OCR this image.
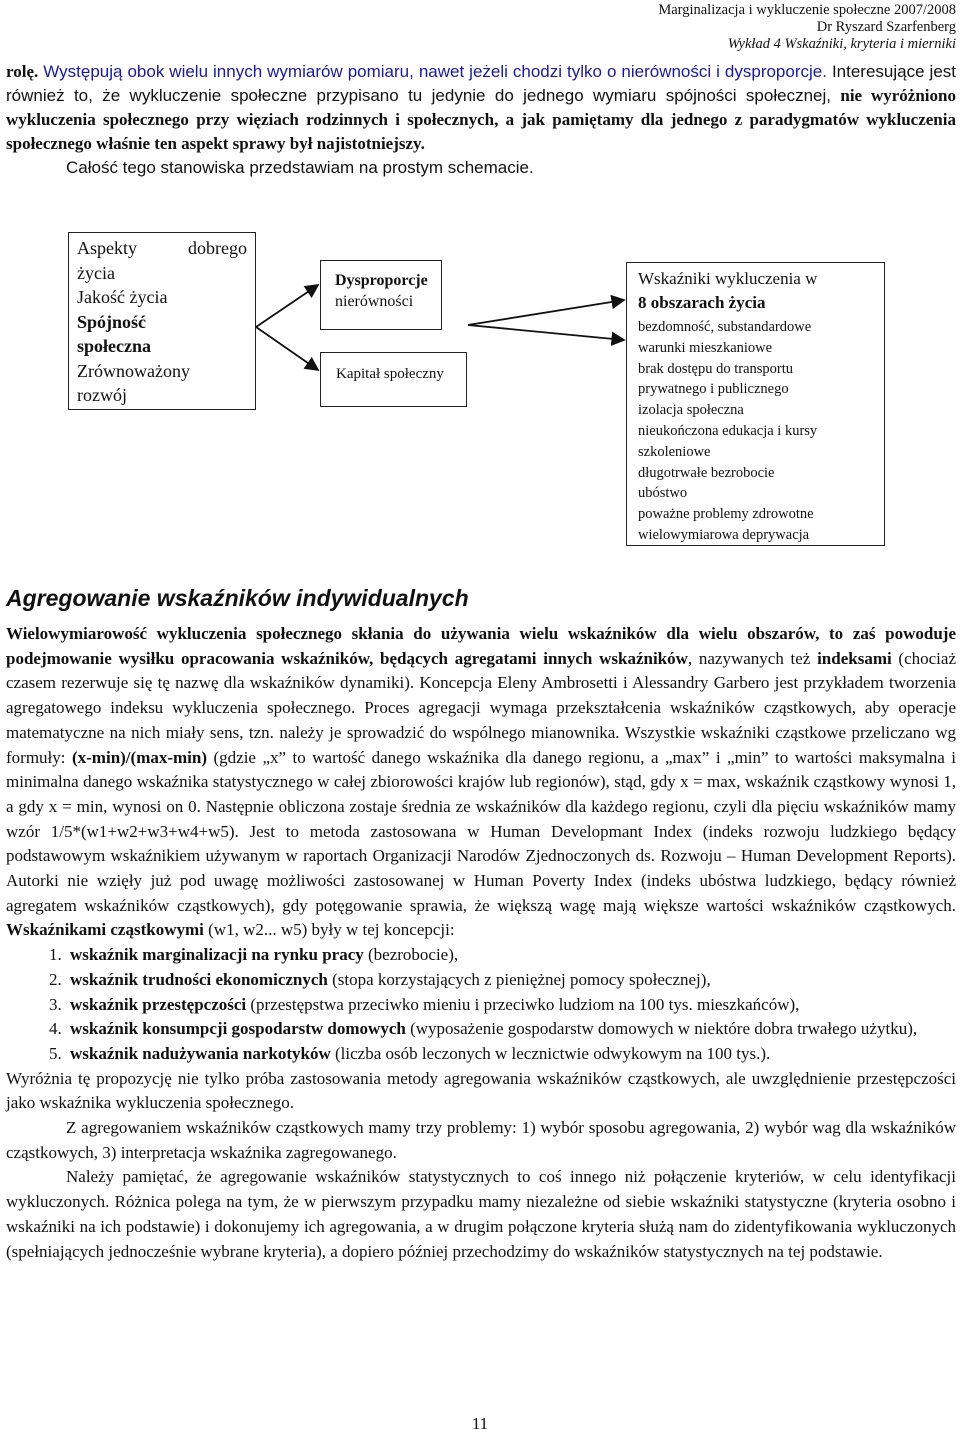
Marginalizacja i wykluczenie społeczne 2007/2008
Dr Ryszard Szarfenberg
Wykład 4 Wskaźniki, kryteria i mierniki
rolę. Występują obok wielu innych wymiarów pomiaru, nawet jeżeli chodzi tylko o nierówności i dysproporcje. Interesujące jest również to, że wykluczenie społeczne przypisano tu jedynie do jednego wymiaru spójności społecznej, nie wyróżniono wykluczenia społecznego przy więziach rodzinnych i społecznych, a jak pamiętamy dla jednego z paradygmatów wykluczenia społecznego właśnie ten aspekt sprawy był najistotniejszy.
Całość tego stanowiska przedstawiam na prostym schemacie.
Aspekty	dobrego
życia
Jakość życia
Spójność
społeczna
Zrównoważony
rozwój
Dysproporcje
nierówności
Kapitał społeczny
Wskaźniki wykluczenia w
8 obszarach życia
bezdomność, substandardowe
warunki mieszkaniowe
brak dostępu do transportu
prywatnego i publicznego
izolacja społeczna
nieukończona edukacja i kursy
szkoleniowe
długotrwałe bezrobocie
ubóstwo
poważne problemy zdrowotne
wielowymiarowa deprywacja
Agregowanie wskaźników indywidualnych
Wielowymiarowość wykluczenia społecznego skłania do używania wielu wskaźników dla wielu obszarów, to zaś powoduje podejmowanie wysiłku opracowania wskaźników, będących agregatami innych wskaźników, nazywanych też indeksami (chociaż czasem rezerwuje się tę nazwę dla wskaźników dynamiki). Koncepcja Eleny Ambrosetti i Alessandry Garbero jest przykładem tworzenia agregatowego indeksu wykluczenia społecznego. Proces agregacji wymaga przekształcenia wskaźników cząstkowych, aby operacje matematyczne na nich miały sens, tzn. należy je sprowadzić do wspólnego mianownika. Wszystkie wskaźniki cząstkowe przeliczano wg formuły: (x-min)/(max-min) (gdzie „x” to wartość danego wskaźnika dla danego regionu, a „max” i „min” to wartości maksymalna i minimalna danego wskaźnika statystycznego w całej zbiorowości krajów lub regionów), stąd, gdy x = max, wskaźnik cząstkowy wynosi 1, a gdy x = min, wynosi on 0. Następnie obliczona zostaje średnia ze wskaźników dla każdego regionu, czyli dla pięciu wskaźników mamy wzór 1/5*(w1+w2+w3+w4+w5). Jest to metoda zastosowana w Human Developmant Index (indeks rozwoju ludzkiego będący podstawowym wskaźnikiem używanym w raportach Organizacji Narodów Zjednoczonych ds. Rozwoju – Human Development Reports). Autorki nie wzięły już pod uwagę możliwości zastosowanej w Human Poverty Index (indeks ubóstwa ludzkiego, będący również agregatem wskaźników cząstkowych), gdy potęgowanie sprawia, że większą wagę mają większe wartości wskaźników cząstkowych. Wskaźnikami cząstkowymi (w1, w2... w5) były w tej koncepcji:
1. wskaźnik marginalizacji na rynku pracy (bezrobocie),
2. wskaźnik trudności ekonomicznych (stopa korzystających z pieniężnej pomocy społecznej),
3. wskaźnik przestępczości (przestępstwa przeciwko mieniu i przeciwko ludziom na 100 tys. mieszkańców),
4. wskaźnik konsumpcji gospodarstw domowych (wyposażenie gospodarstw domowych w niektóre dobra trwałego użytku),
5. wskaźnik nadużywania narkotyków (liczba osób leczonych w lecznictwie odwykowym na 100 tys.).
Wyróżnia tę propozycję nie tylko próba zastosowania metody agregowania wskaźników cząstkowych, ale uwzględnienie przestępczości jako wskaźnika wykluczenia społecznego.
Z agregowaniem wskaźników cząstkowych mamy trzy problemy: 1) wybór sposobu agregowania, 2) wybór wag dla wskaźników cząstkowych, 3) interpretacja wskaźnika zagregowanego.
Należy pamiętać, że agregowanie wskaźników statystycznych to coś innego niż połączenie kryteriów, w celu identyfikacji wykluczonych. Różnica polega na tym, że w pierwszym przypadku mamy niezależne od siebie wskaźniki statystyczne (kryteria osobno i wskaźniki na ich podstawie) i dokonujemy ich agregowania, a w drugim połączone kryteria służą nam do zidentyfikowania wykluczonych (spełniających jednocześnie wybrane kryteria), a dopiero później przechodzimy do wskaźników statystycznych na tej podstawie.
11
